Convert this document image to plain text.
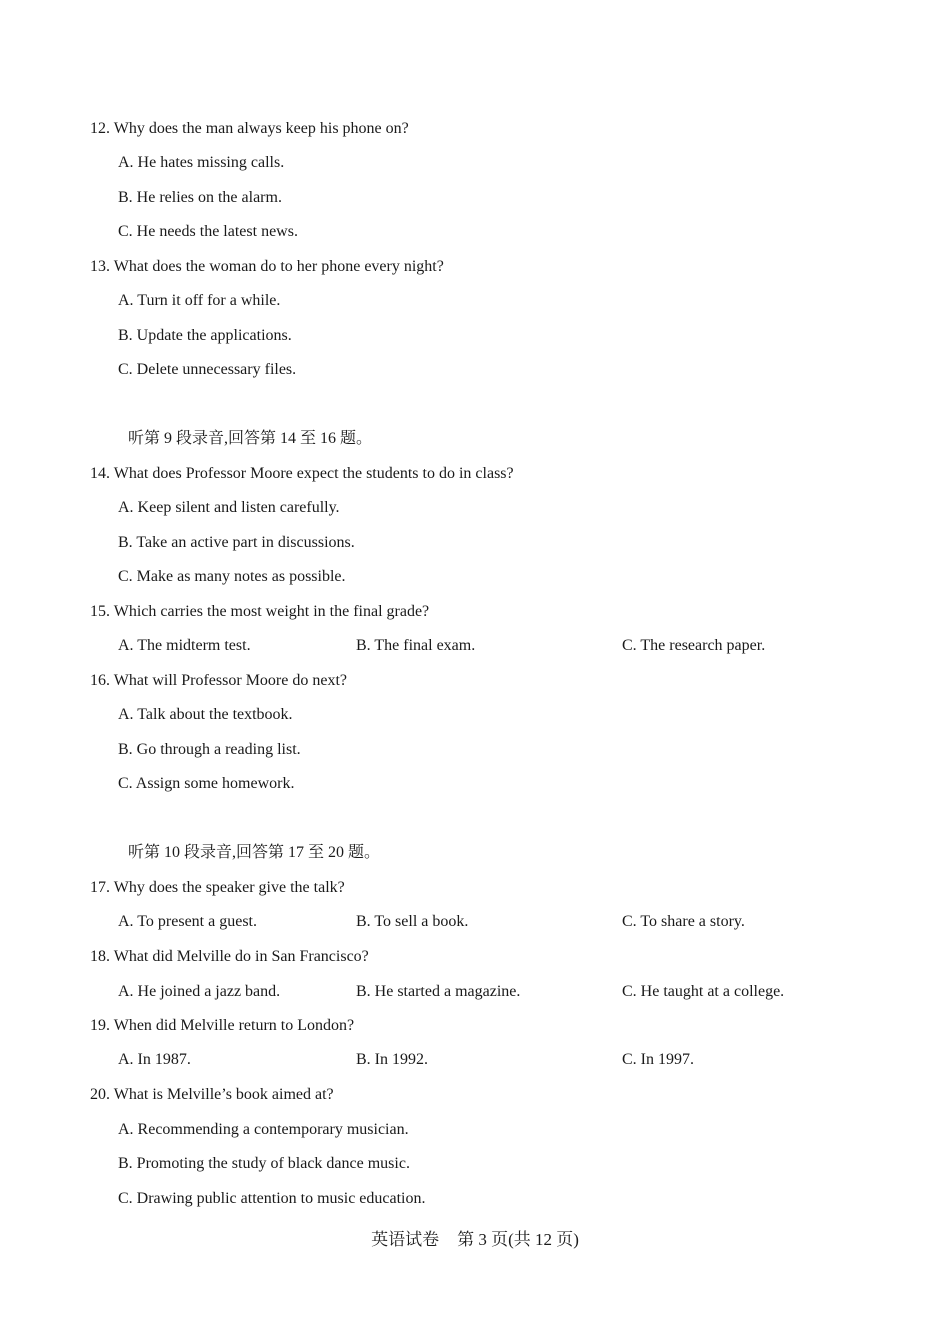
12. Why does the man always keep his phone on?
A. He hates missing calls.
B. He relies on the alarm.
C. He needs the latest news.
13. What does the woman do to her phone every night?
A. Turn it off for a while.
B. Update the applications.
C. Delete unnecessary files.
听第 9 段录音,回答第 14 至 16 题。
14. What does Professor Moore expect the students to do in class?
A. Keep silent and listen carefully.
B. Take an active part in discussions.
C. Make as many notes as possible.
15. Which carries the most weight in the final grade?
A. The midterm test.	B. The final exam.	C. The research paper.
16. What will Professor Moore do next?
A. Talk about the textbook.
B. Go through a reading list.
C. Assign some homework.
听第 10 段录音,回答第 17 至 20 题。
17. Why does the speaker give the talk?
A. To present a guest.	B. To sell a book.	C. To share a story.
18. What did Melville do in San Francisco?
A. He joined a jazz band.	B. He started a magazine.	C. He taught at a college.
19. When did Melville return to London?
A. In 1987.	B. In 1992.	C. In 1997.
20. What is Melville’s book aimed at?
A. Recommending a contemporary musician.
B. Promoting the study of black dance music.
C. Drawing public attention to music education.
英语试卷 第 3 页(共 12 页)
